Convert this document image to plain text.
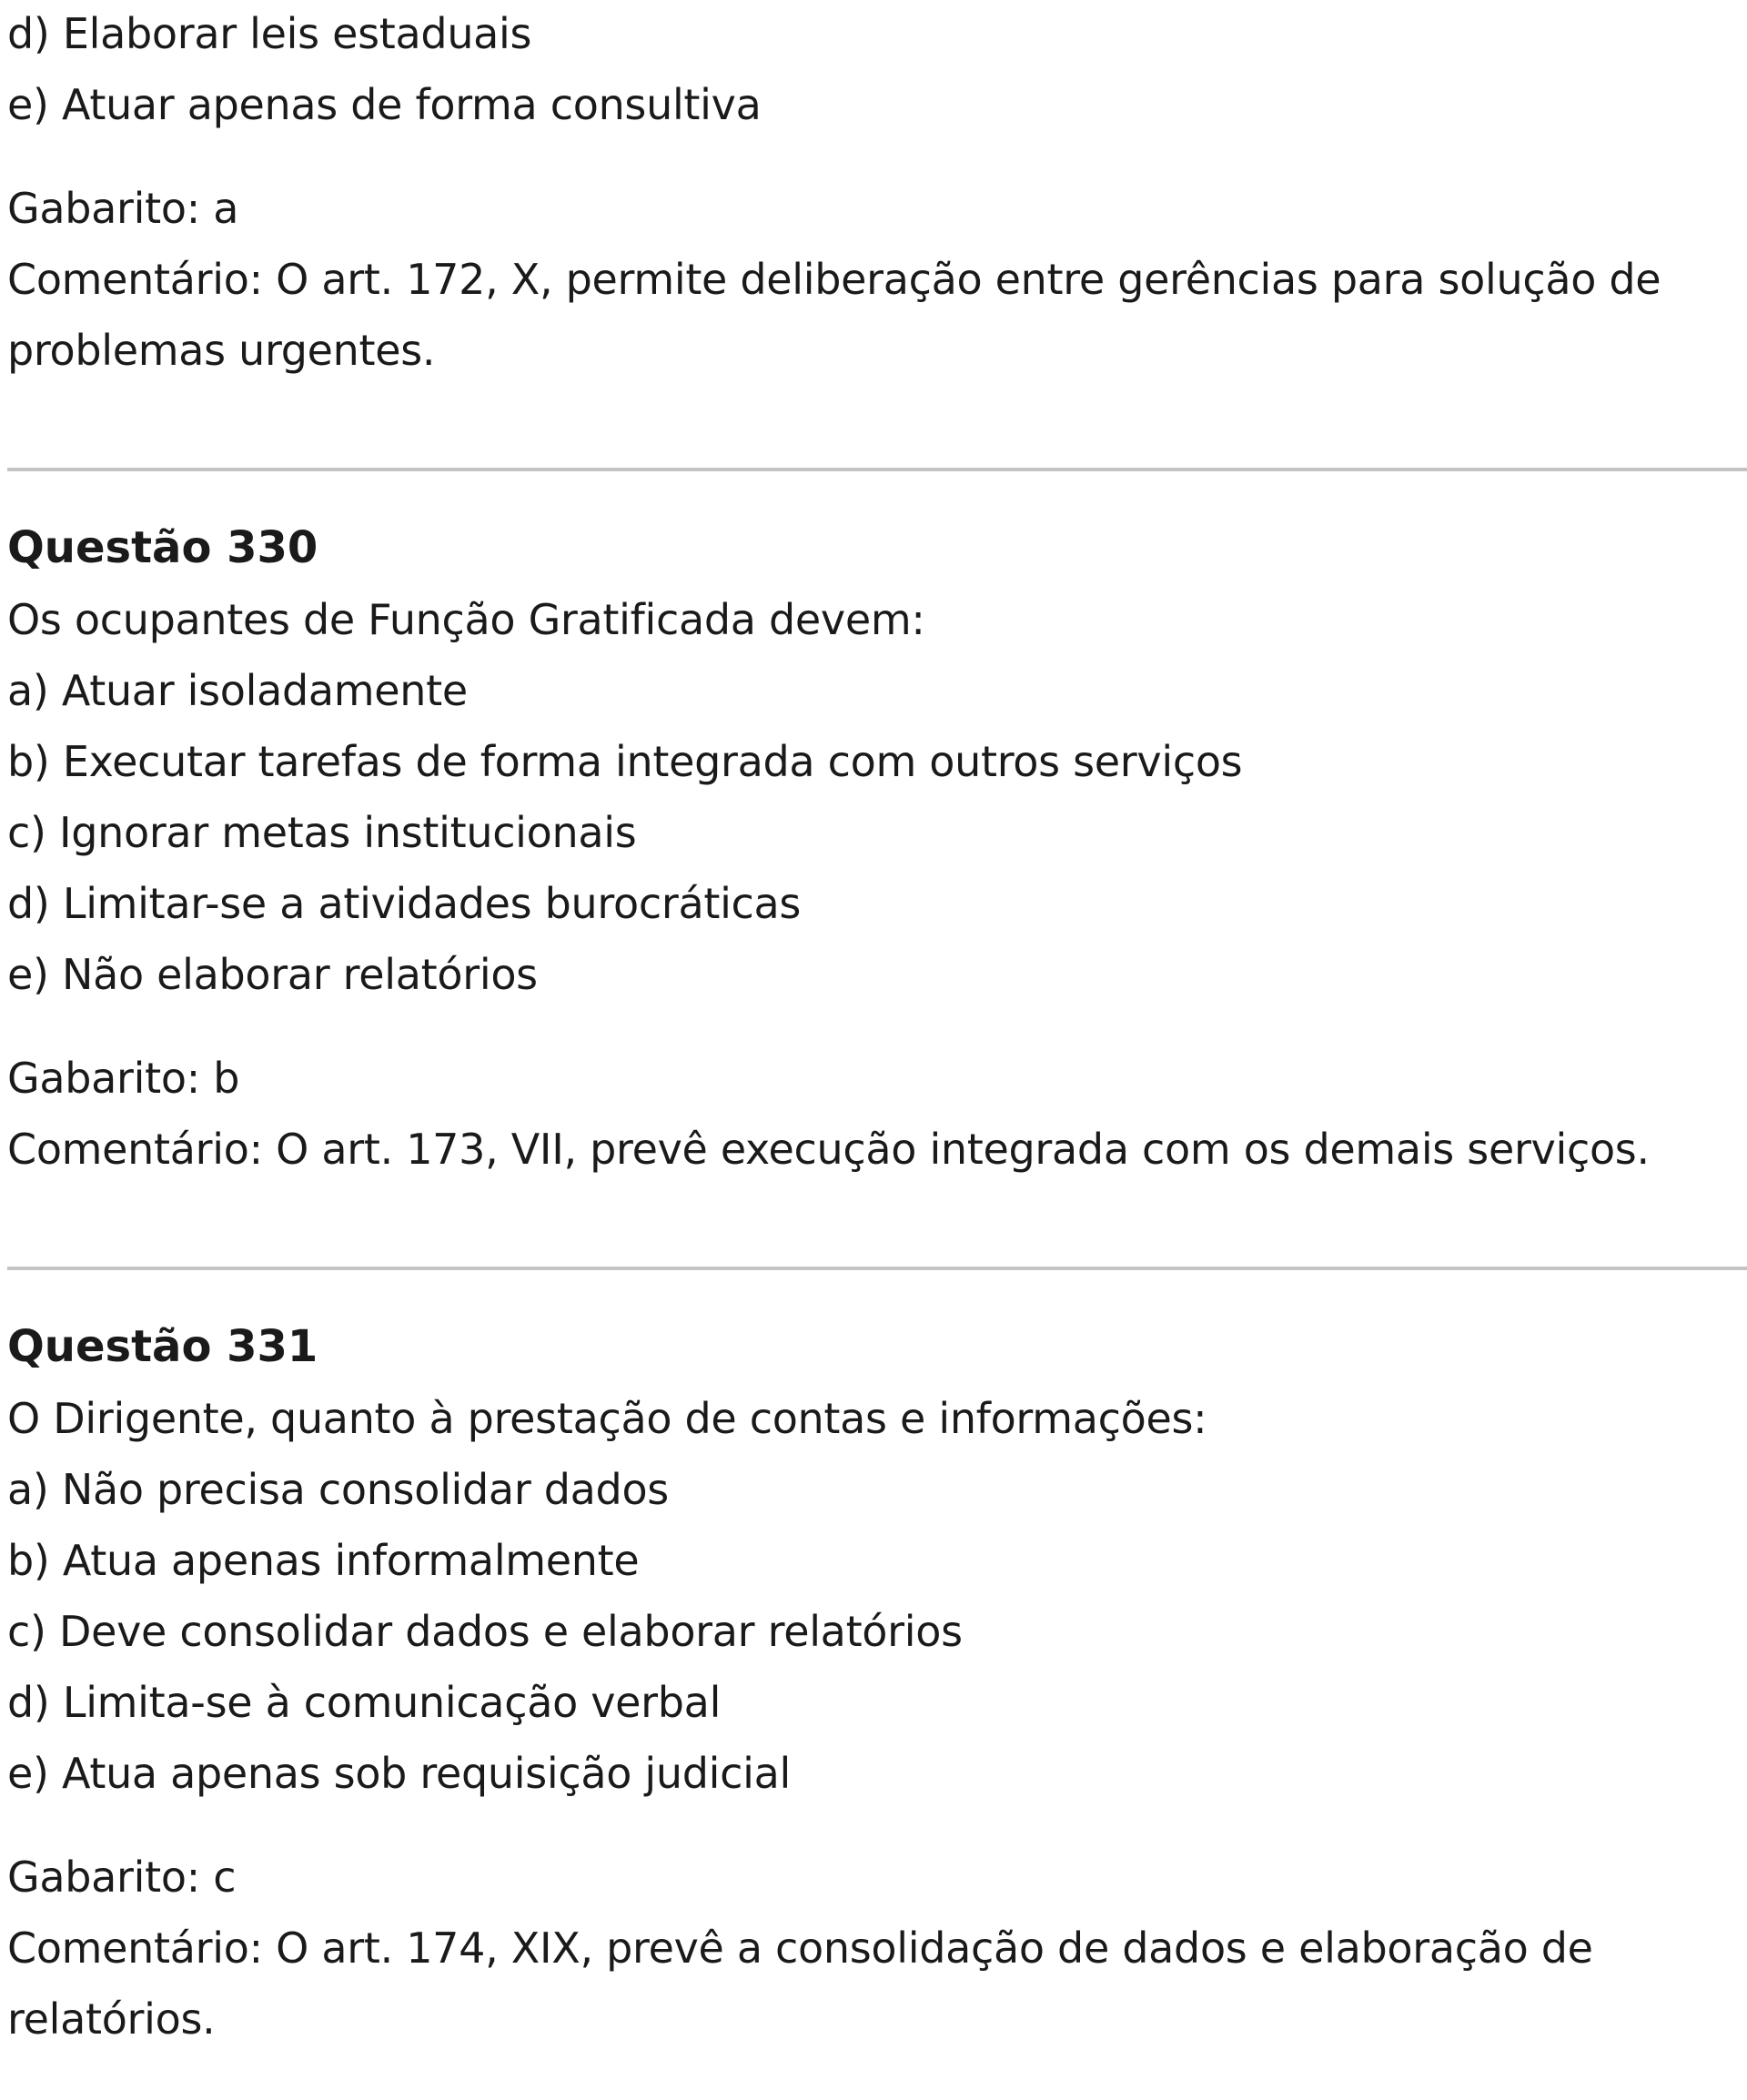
d) Elaborar leis estaduais
e) Atuar apenas de forma consultiva
Gabarito: a
Comentário: O art. 172, X, permite deliberação entre gerências para solução de problemas urgentes.
Questão 330
Os ocupantes de Função Gratificada devem:
a) Atuar isoladamente
b) Executar tarefas de forma integrada com outros serviços
c) Ignorar metas institucionais
d) Limitar-se a atividades burocráticas
e) Não elaborar relatórios
Gabarito: b
Comentário: O art. 173, VII, prevê execução integrada com os demais serviços.
Questão 331
O Dirigente, quanto à prestação de contas e informações:
a) Não precisa consolidar dados
b) Atua apenas informalmente
c) Deve consolidar dados e elaborar relatórios
d) Limita-se à comunicação verbal
e) Atua apenas sob requisição judicial
Gabarito: c
Comentário: O art. 174, XIX, prevê a consolidação de dados e elaboração de relatórios.
